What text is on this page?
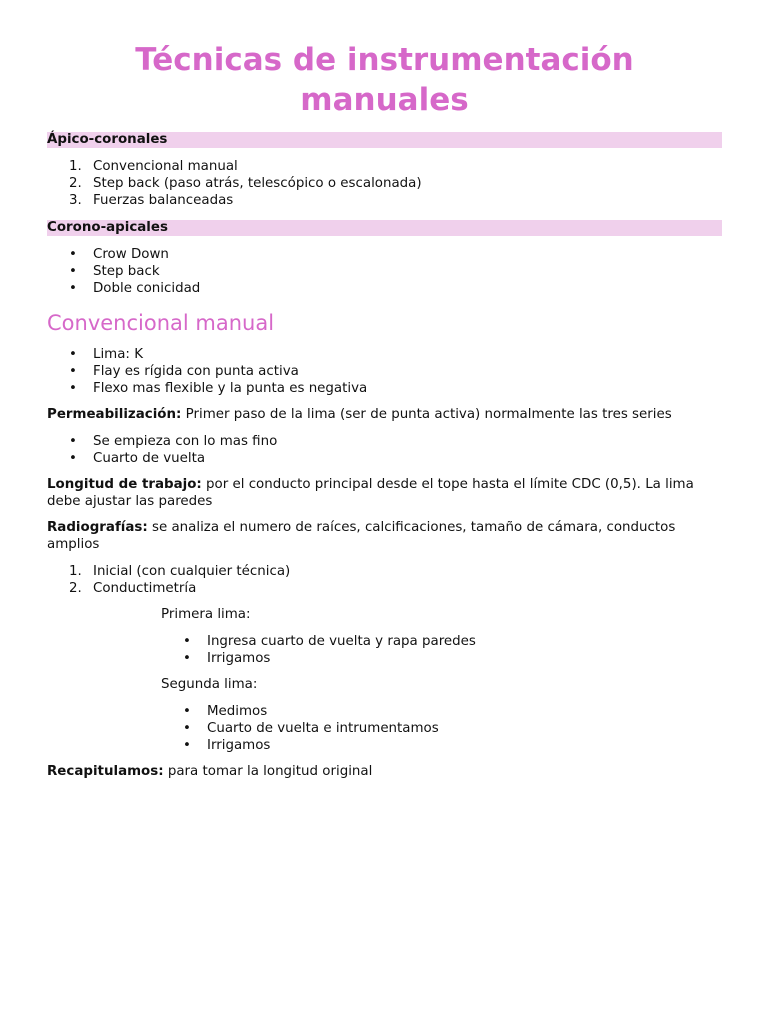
Técnicas de instrumentación manuales
Ápico-coronales
1. Convencional manual
2. Step back (paso atrás, telescópico o escalonada)
3. Fuerzas balanceadas
Corono-apicales
• Crow Down
• Step back
• Doble conicidad
Convencional manual
• Lima: K
• Flay es rígida con punta activa
• Flexo mas flexible y la punta es negativa

Permeabilización: Primer paso de la lima (ser de punta activa) normalmente las tres series

• Se empieza con lo mas fino
• Cuarto de vuelta

Longitud de trabajo: por el conducto principal desde el tope hasta el límite CDC (0,5). La lima debe ajustar las paredes

Radiografías: se analiza el numero de raíces, calcificaciones, tamaño de cámara, conductos amplios

1. Inicial (con cualquier técnica)
2. Conductimetría
Primera lima:
• Ingresa cuarto de vuelta y rapa paredes
• Irrigamos
Segunda lima:
• Medimos
• Cuarto de vuelta e intrumentamos
• Irrigamos

Recapitulamos: para tomar la longitud original
